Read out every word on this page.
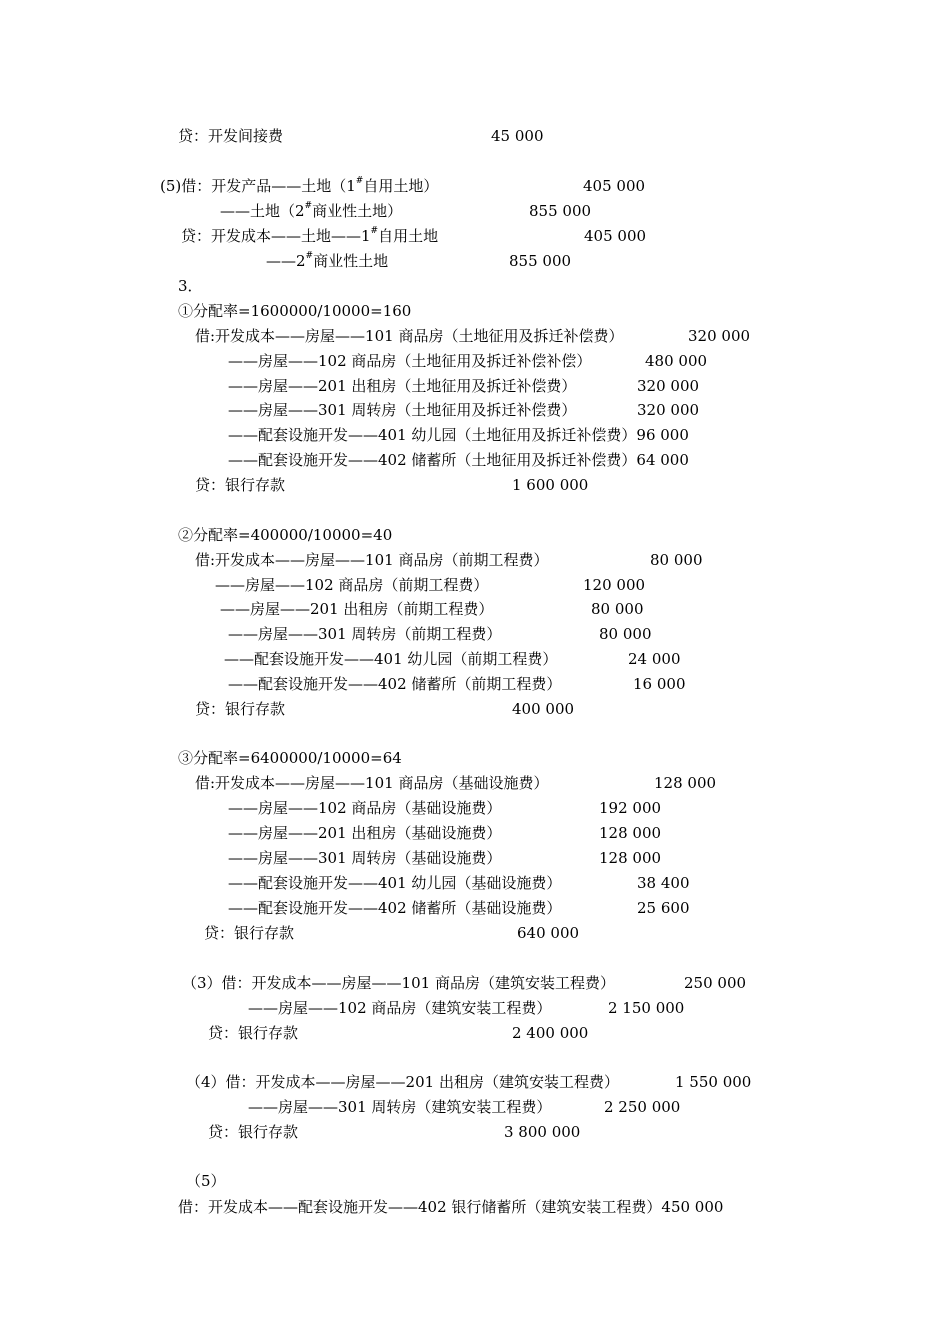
贷：开发间接费	45 000
(5)借：开发产品——土地（1#自用土地）	405 000
——土地（2#商业性土地）	855 000
贷：开发成本——土地——1#自用土地	405 000
——2#商业性土地	855 000
3．
①分配率=1600000/10000=160
借:开发成本——房屋——101 商品房（土地征用及拆迁补偿费）	320 000
——房屋——102 商品房（土地征用及拆迁补偿补偿）	480 000
——房屋——201 出租房（土地征用及拆迁补偿费）	320 000
——房屋——301 周转房（土地征用及拆迁补偿费）	320 000
——配套设施开发——401 幼儿园（土地征用及拆迁补偿费）96 000
——配套设施开发——402 储蓄所（土地征用及拆迁补偿费）64 000
贷：银行存款	1 600 000
②分配率=400000/10000=40
借:开发成本——房屋——101 商品房（前期工程费）	80 000
——房屋——102 商品房（前期工程费）	120 000
——房屋——201 出租房（前期工程费）	80 000
——房屋——301 周转房（前期工程费）	80 000
——配套设施开发——401 幼儿园（前期工程费）	24 000
——配套设施开发——402 储蓄所（前期工程费）	16 000
贷：银行存款	400 000
③分配率=6400000/10000=64
借:开发成本——房屋——101 商品房（基础设施费）	128 000
——房屋——102 商品房（基础设施费）	192 000
——房屋——201 出租房（基础设施费）	128 000
——房屋——301 周转房（基础设施费）	128 000
——配套设施开发——401 幼儿园（基础设施费）	38 400
——配套设施开发——402 储蓄所（基础设施费）	25 600
贷：银行存款	640 000
（3）借：开发成本——房屋——101 商品房（建筑安装工程费）	250 000
——房屋——102 商品房（建筑安装工程费）	2 150 000
贷：银行存款	2 400 000
（4）借：开发成本——房屋——201 出租房（建筑安装工程费）	1 550 000
——房屋——301 周转房（建筑安装工程费）	2 250 000
贷：银行存款	3 800 000
（5）
借：开发成本——配套设施开发——402 银行储蓄所（建筑安装工程费）450 000
